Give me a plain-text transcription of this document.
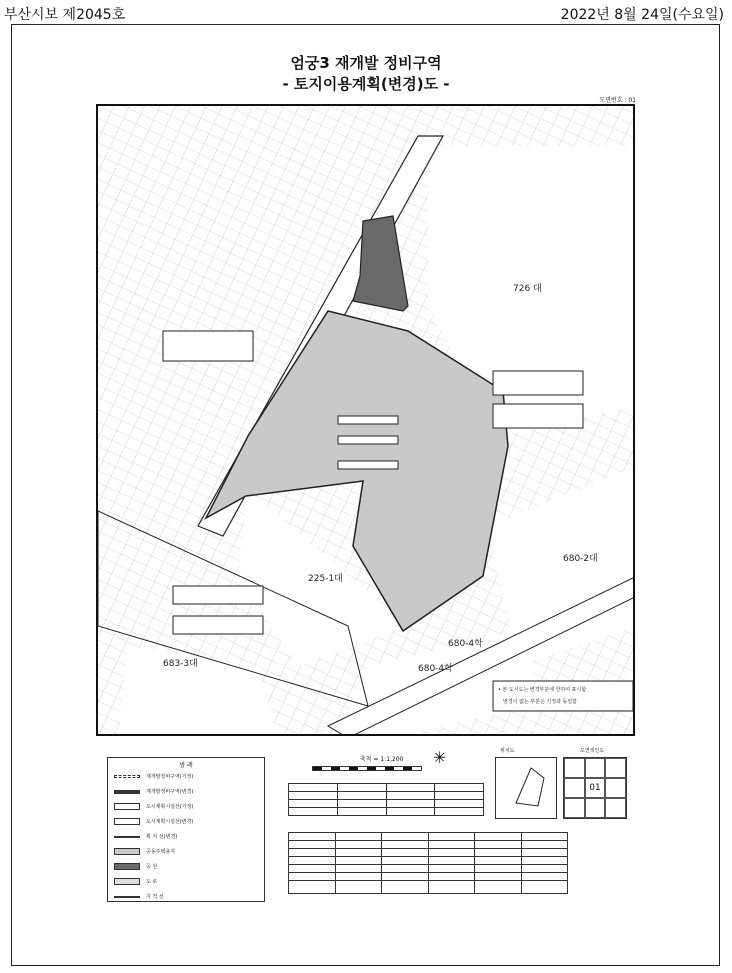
부산시보 제2045호	2022년 8월 24일(수요일)
엄궁3 재개발 정비구역
- 토지이용계획(변경)도 -
도면번호 : 01
726 대
680-2대
225-1대
680-4학
683-3대	680-4학
• 본 도시도는 변경부분에 한하여 표시함
변경이 없는 부분은 기정과 동일함
범 례
재개발정비구역(기정)
재개발정비구역(변경)
도시계획시설선(기정)
도시계획시설선(변경)
획 지 선(변경)
공동주택용지
공 원
도 로
지 적 선
축척 = 1:1,200 ✳

						위치도	도면색인도
01
